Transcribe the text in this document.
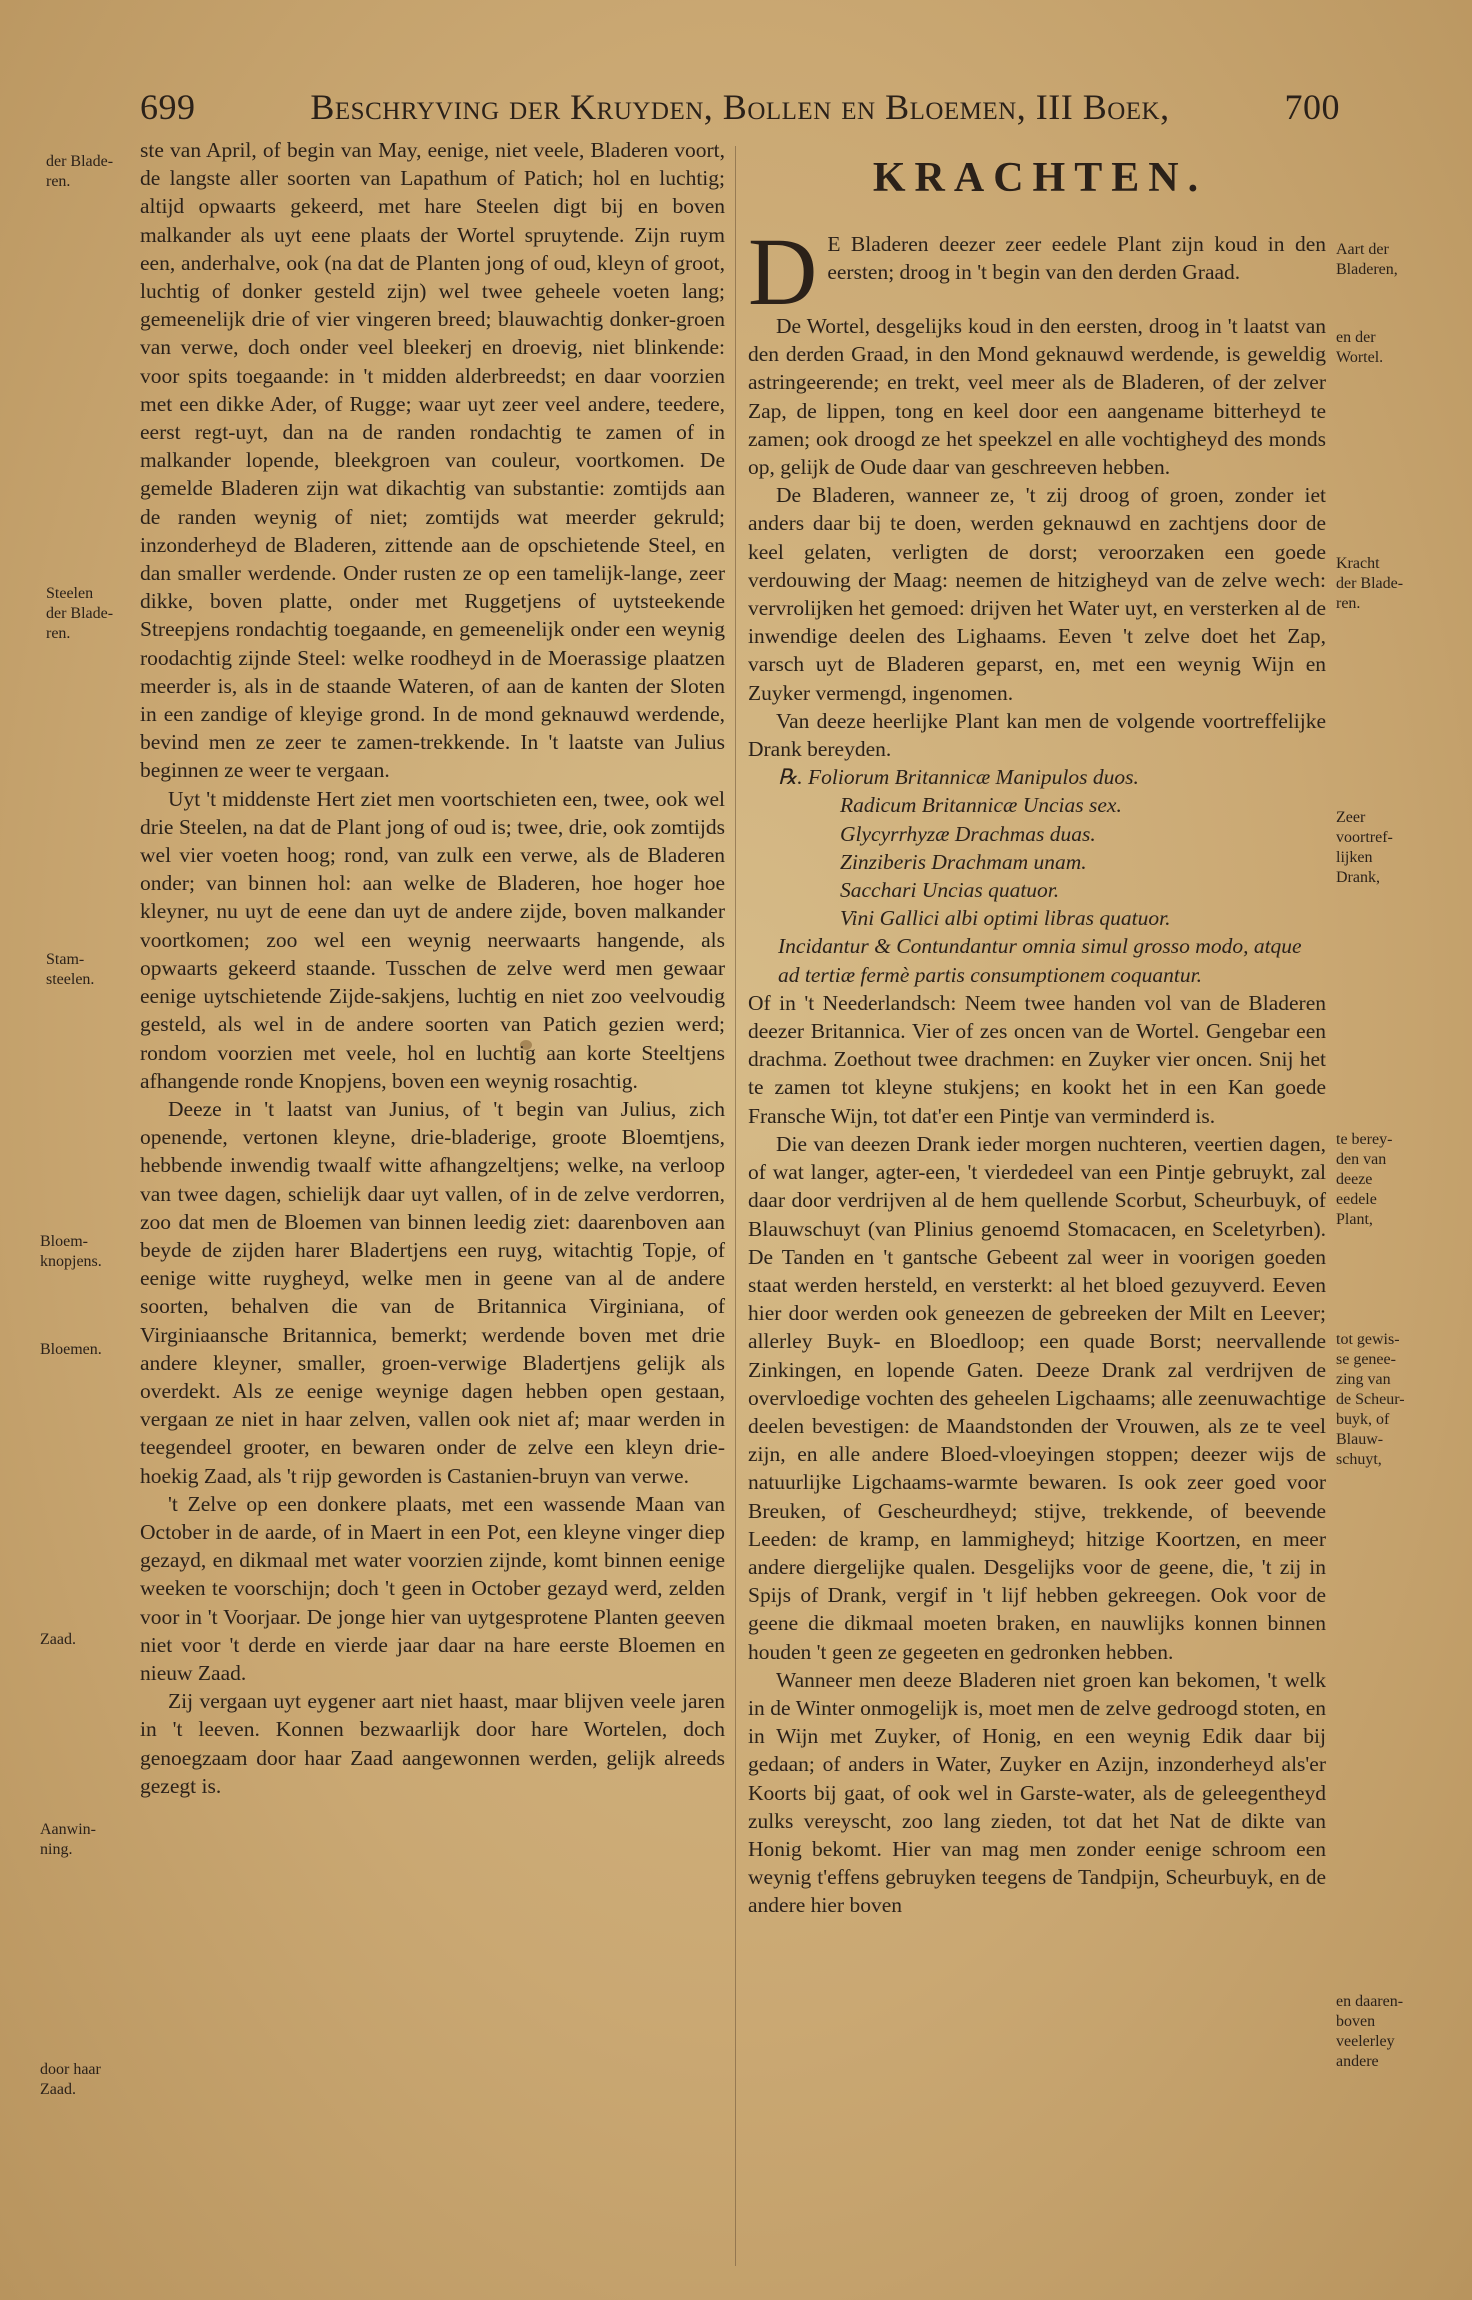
699	Beschryving der Kruyden, Bollen en Bloemen, III Boek,	700
der Blade-
ren.
Steelen
der Blade-
ren.
Stam-
steelen.
Bloem-
knopjens.
Bloemen.
Zaad.
Aanwin-
ning.
door haar
Zaad.
Aart der
Bladeren,
en der
Wortel.
Kracht
der Blade-
ren.
Zeer
voortref-
lijken
Drank,
te berey-
den van
deeze
eedele
Plant,
tot gewis-
se genee-
zing van
de Scheur-
buyk, of
Blauw-
schuyt,
en daaren-
boven
veelerley
andere

ste van April, of begin van May, eenige, niet veele, Bladeren voort, de langste aller soorten van Lapathum of Patich; hol en luchtig; altijd opwaarts gekeerd, met hare Steelen digt bij en boven malkander als uyt eene plaats der Wortel spruytende. Zijn ruym een, anderhalve, ook (na dat de Planten jong of oud, kleyn of groot, luchtig of donker gesteld zijn) wel twee geheele voeten lang; gemeenelijk drie of vier vingeren breed; blauwachtig donker-groen van verwe, doch onder veel bleekerj en droevig, niet blinkende: voor spits toegaande: in 't midden alderbreedst; en daar voorzien met een dikke Ader, of Rugge; waar uyt zeer veel andere, teedere, eerst regt-uyt, dan na de randen rondachtig te zamen of in malkander lopende, bleekgroen van couleur, voortkomen. De gemelde Bladeren zijn wat dikachtig van substantie: zomtijds aan de randen weynig of niet; zomtijds wat meerder gekruld; inzonderheyd de Bladeren, zittende aan de opschietende Steel, en dan smaller werdende. Onder rusten ze op een tamelijk-lange, zeer dikke, boven platte, onder met Ruggetjens of uytsteekende Streepjens rondachtig toegaande, en gemeenelijk onder een weynig roodachtig zijnde Steel: welke roodheyd in de Moerassige plaatzen meerder is, als in de staande Wateren, of aan de kanten der Sloten in een zandige of kleyige grond. In de mond geknauwd werdende, bevind men ze zeer te zamen-trekkende. In 't laatste van Julius beginnen ze weer te vergaan.

Uyt 't middenste Hert ziet men voortschieten een, twee, ook wel drie Steelen, na dat de Plant jong of oud is; twee, drie, ook zomtijds wel vier voeten hoog; rond, van zulk een verwe, als de Bladeren onder; van binnen hol: aan welke de Bladeren, hoe hoger hoe kleyner, nu uyt de eene dan uyt de andere zijde, boven malkander voortkomen; zoo wel een weynig neerwaarts hangende, als opwaarts gekeerd staande. Tusschen de zelve werd men gewaar eenige uytschietende Zijde-sakjens, luchtig en niet zoo veelvoudig gesteld, als wel in de andere soorten van Patich gezien werd; rondom voorzien met veele, hol en luchtig aan korte Steeltjens afhangende ronde Knopjens, boven een weynig rosachtig.

Deeze in 't laatst van Junius, of 't begin van Julius, zich openende, vertonen kleyne, drie-bladerige, groote Bloemtjens, hebbende inwendig twaalf witte afhangzeltjens; welke, na verloop van twee dagen, schielijk daar uyt vallen, of in de zelve verdorren, zoo dat men de Bloemen van binnen leedig ziet: daarenboven aan beyde de zijden harer Bladertjens een ruyg, witachtig Topje, of eenige witte ruygheyd, welke men in geene van al de andere soorten, behalven die van de Britannica Virginiana, of Virginiaansche Britannica, bemerkt; werdende boven met drie andere kleyner, smaller, groen-verwige Bladertjens gelijk als overdekt. Als ze eenige weynige dagen hebben open gestaan, vergaan ze niet in haar zelven, vallen ook niet af; maar werden in teegendeel grooter, en bewaren onder de zelve een kleyn drie-hoekig Zaad, als 't rijp geworden is Castanien-bruyn van verwe.

't Zelve op een donkere plaats, met een wassende Maan van October in de aarde, of in Maert in een Pot, een kleyne vinger diep gezayd, en dikmaal met water voorzien zijnde, komt binnen eenige weeken te voorschijn; doch 't geen in October gezayd werd, zelden voor in 't Voorjaar. De jonge hier van uytgesprotene Planten geeven niet voor 't derde en vierde jaar daar na hare eerste Bloemen en nieuw Zaad.

Zij vergaan uyt eygener aart niet haast, maar blijven veele jaren in 't leeven. Konnen bezwaarlijk door hare Wortelen, doch genoegzaam door haar Zaad aangewonnen werden, gelijk alreeds gezegt is.

KRACHTEN.

D E Bladeren deezer zeer eedele Plant zijn koud in den eersten; droog in 't begin van den derden Graad.

De Wortel, desgelijks koud in den eersten, droog in 't laatst van den derden Graad, in den Mond geknauwd werdende, is geweldig astringeerende; en trekt, veel meer als de Bladeren, of der zelver Zap, de lippen, tong en keel door een aangename bitterheyd te zamen; ook droogd ze het speekzel en alle vochtigheyd des monds op, gelijk de Oude daar van geschreeven hebben.

De Bladeren, wanneer ze, 't zij droog of groen, zonder iet anders daar bij te doen, werden geknauwd en zachtjens door de keel gelaten, verligten de dorst; veroorzaken een goede verdouwing der Maag: neemen de hitzigheyd van de zelve wech: vervrolijken het gemoed: drijven het Water uyt, en versterken al de inwendige deelen des Lighaams. Eeven 't zelve doet het Zap, varsch uyt de Bladeren geparst, en, met een weynig Wijn en Zuyker vermengd, ingenomen.

Van deeze heerlijke Plant kan men de volgende voortreffelijke Drank bereyden.

℞. Foliorum Britannicæ Manipulos duos.

Radicum Britannicæ Uncias sex.

Glycyrrhyzæ Drachmas duas.

Zinziberis Drachmam unam.

Sacchari Uncias quatuor.

Vini Gallici albi optimi libras quatuor.

Incidantur & Contundantur omnia simul grosso modo, atque ad tertiæ fermè partis consumptionem coquantur.

Of in 't Neederlandsch: Neem twee handen vol van de Bladeren deezer Britannica. Vier of zes oncen van de Wortel. Gengebar een drachma. Zoethout twee drachmen: en Zuyker vier oncen. Snij het te zamen tot kleyne stukjens; en kookt het in een Kan goede Fransche Wijn, tot dat'er een Pintje van verminderd is.

Die van deezen Drank ieder morgen nuchteren, veertien dagen, of wat langer, agter-een, 't vierdedeel van een Pintje gebruykt, zal daar door verdrijven al de hem quellende Scorbut, Scheurbuyk, of Blauwschuyt (van Plinius genoemd Stomacacen, en Sceletyrben). De Tanden en 't gantsche Gebeent zal weer in voorigen goeden staat werden hersteld, en versterkt: al het bloed gezuyverd. Eeven hier door werden ook geneezen de gebreeken der Milt en Leever; allerley Buyk- en Bloedloop; een quade Borst; neervallende Zinkingen, en lopende Gaten. Deeze Drank zal verdrijven de overvloedige vochten des geheelen Ligchaams; alle zeenuwachtige deelen bevestigen: de Maandstonden der Vrouwen, als ze te veel zijn, en alle andere Bloed-vloeyingen stoppen; deezer wijs de natuurlijke Ligchaams-warmte bewaren. Is ook zeer goed voor Breuken, of Gescheurdheyd; stijve, trekkende, of beevende Leeden: de kramp, en lammigheyd; hitzige Koortzen, en meer andere diergelijke qualen. Desgelijks voor de geene, die, 't zij in Spijs of Drank, vergif in 't lijf hebben gekreegen. Ook voor de geene die dikmaal moeten braken, en nauwlijks konnen binnen houden 't geen ze gegeeten en gedronken hebben.

Wanneer men deeze Bladeren niet groen kan bekomen, 't welk in de Winter onmogelijk is, moet men de zelve gedroogd stoten, en in Wijn met Zuyker, of Honig, en een weynig Edik daar bij gedaan; of anders in Water, Zuyker en Azijn, inzonderheyd als'er Koorts bij gaat, of ook wel in Garste-water, als de geleegentheyd zulks vereyscht, zoo lang zieden, tot dat het Nat de dikte van Honig bekomt. Hier van mag men zonder eenige schroom een weynig t'effens gebruyken teegens de Tandpijn, Scheurbuyk, en de andere hier boven
